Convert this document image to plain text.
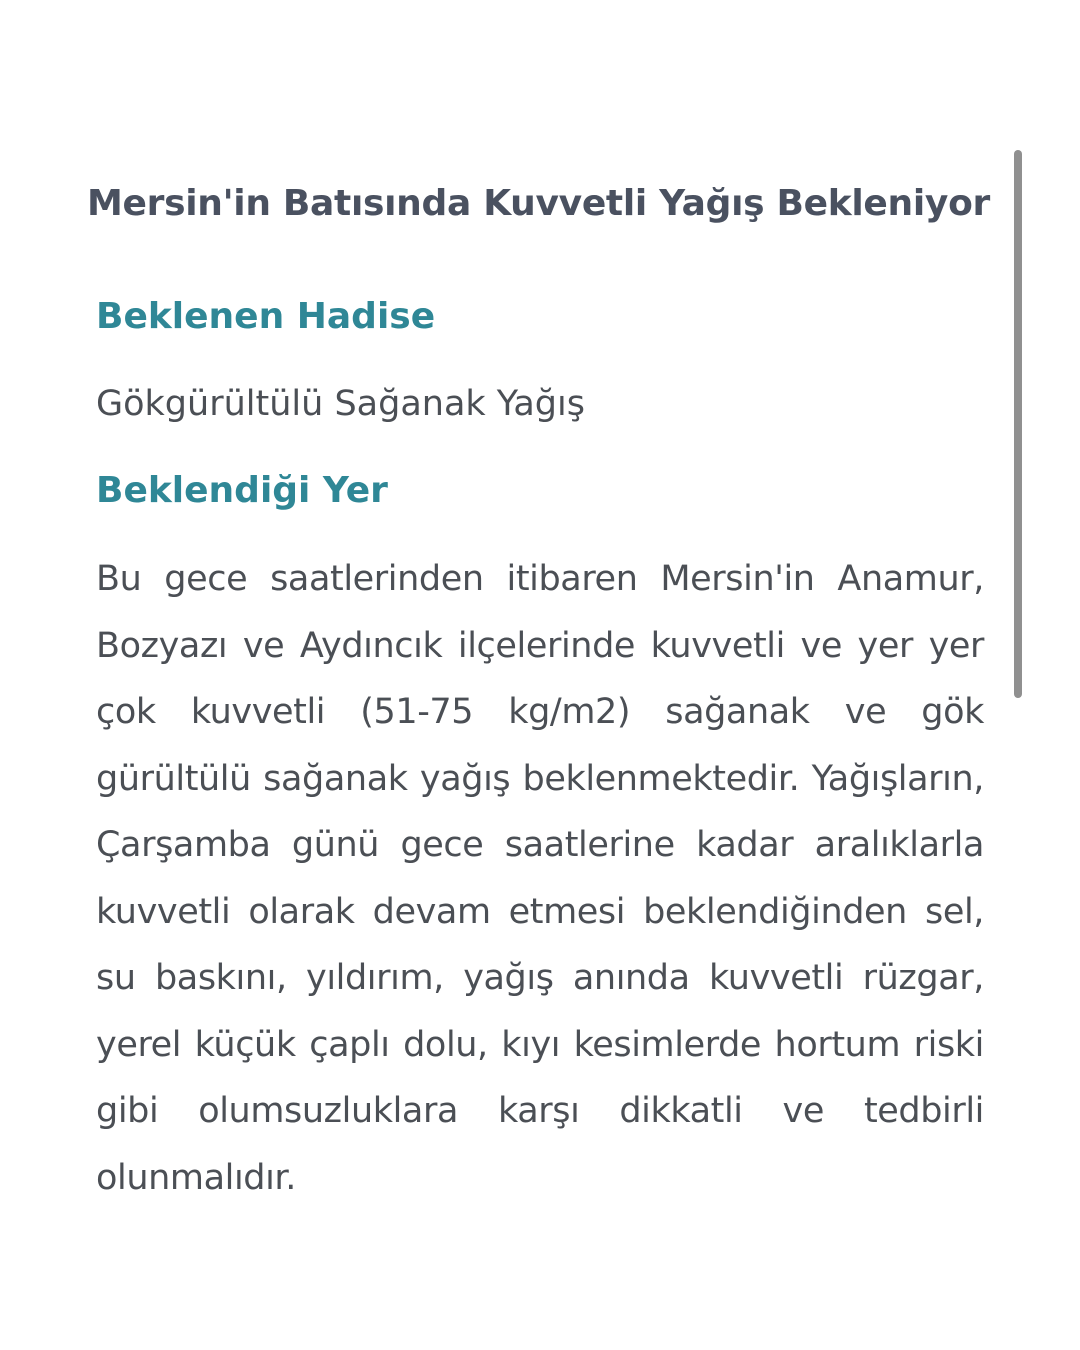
Mersin'in Batısında Kuvvetli Yağış Bekleniyor
Beklenen Hadise

Gökgürültülü Sağanak Yağış

Beklendiği Yer

Bu gece saatlerinden itibaren Mersin'in Anamur, Bozyazı ve Aydıncık ilçelerinde kuvvetli ve yer yer çok kuvvetli (51-75 kg/m2) sağanak ve gök gürültülü sağanak yağış beklenmektedir. Yağışların, Çarşamba günü gece saatlerine kadar aralıklarla kuvvetli olarak devam etmesi beklendiğinden sel, su baskını, yıldırım, yağış anında kuvvetli rüzgar, yerel küçük çaplı dolu, kıyı kesimlerde hortum riski gibi olumsuzluklara karşı dikkatli ve tedbirli olunmalıdır.
